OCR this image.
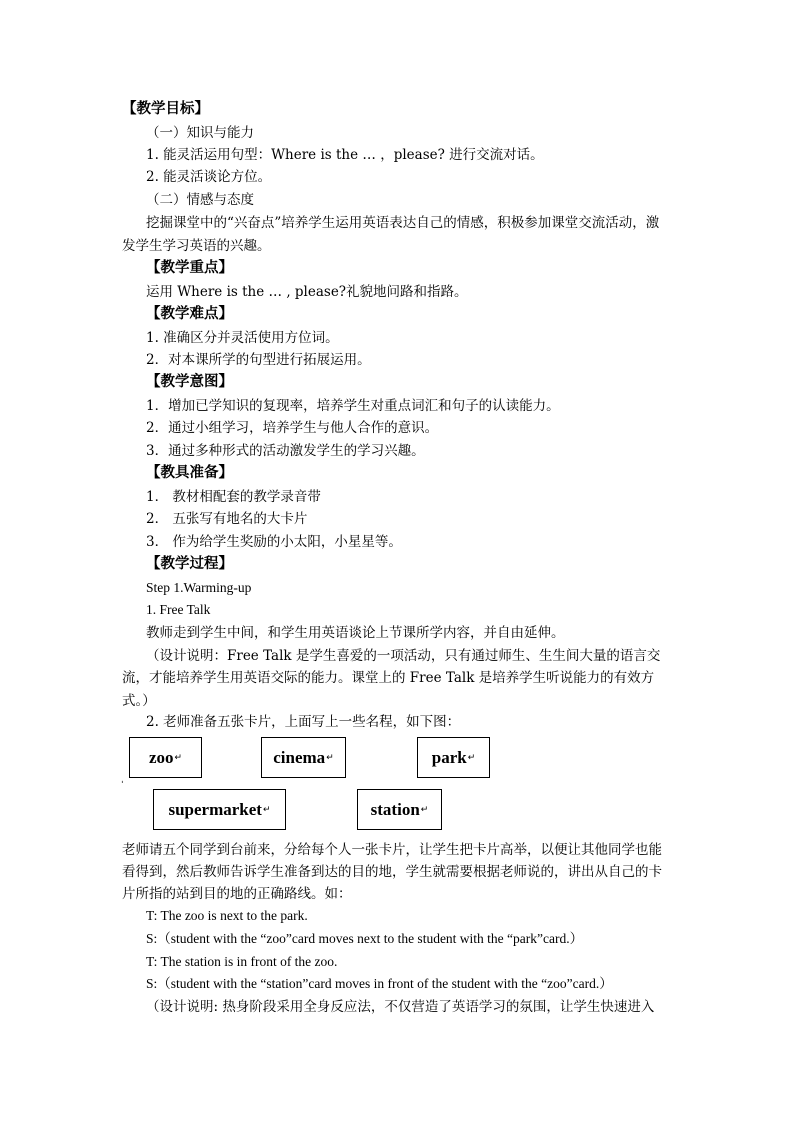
【教学目标】
（一）知识与能力
1. 能灵活运用句型：Where is the … ，please? 进行交流对话。
2. 能灵活谈论方位。
（二）情感与态度
挖掘课堂中的“兴奋点”培养学生运用英语表达自己的情感，积极参加课堂交流活动，激
发学生学习英语的兴趣。
【教学重点】
运用 Where is the … , please?礼貌地问路和指路。
【教学难点】
1. 准确区分并灵活使用方位词。
2．对本课所学的句型进行拓展运用。
【教学意图】
1．增加已学知识的复现率，培养学生对重点词汇和句子的认读能力。
2．通过小组学习，培养学生与他人合作的意识。
3．通过多种形式的活动激发学生的学习兴趣。
【教具准备】
1． 教材相配套的教学录音带
2． 五张写有地名的大卡片
3． 作为给学生奖励的小太阳，小星星等。
【教学过程】
Step 1.Warming-up
1. Free Talk
教师走到学生中间，和学生用英语谈论上节课所学内容，并自由延伸。
（设计说明：Free Talk 是学生喜爱的一项活动，只有通过师生、生生间大量的语言交
流，才能培养学生用英语交际的能力。课堂上的 Free Talk 是培养学生听说能力的有效方
式。）
2. 老师准备五张卡片，上面写上一些名程，如下图：
zoo ↵	cinema ↵	park ↵
ˌ
supermarket ↵	station ↵
老师请五个同学到台前来，分给每个人一张卡片，让学生把卡片高举，以便让其他同学也能
看得到，然后教师告诉学生准备到达的目的地，学生就需要根据老师说的，讲出从自己的卡
片所指的站到目的地的正确路线。如：
T: The zoo is next to the park.
S:（student with the “zoo”card moves next to the student with the “park”card.）
T: The station is in front of the zoo.
S:（student with the “station”card moves in front of the student with the “zoo”card.）
（设计说明: 热身阶段采用全身反应法，不仅营造了英语学习的氛围，让学生快速进入
